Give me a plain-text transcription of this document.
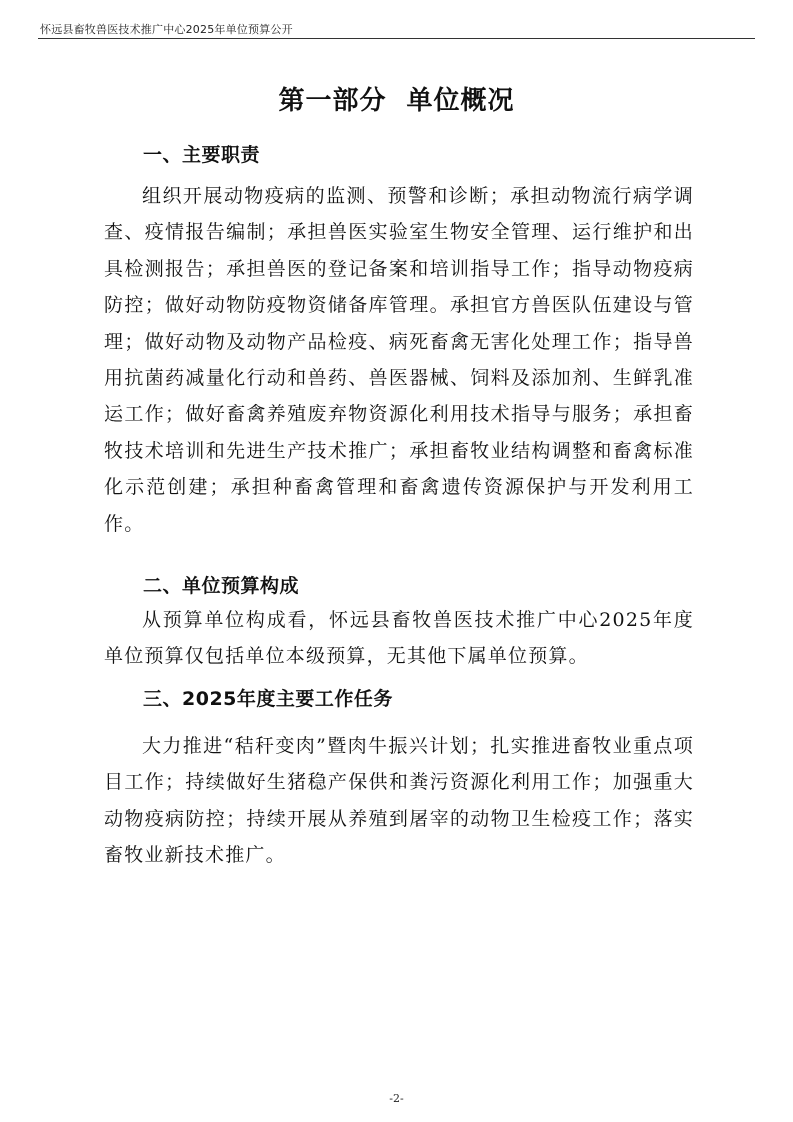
怀远县畜牧兽医技术推广中心2025年单位预算公开
第一部分  单位概况
一、主要职责

组织开展动物疫病的监测、预警和诊断；承担动物流行病学调查、疫情报告编制；承担兽医实验室生物安全管理、运行维护和出具检测报告；承担兽医的登记备案和培训指导工作；指导动物疫病防控；做好动物防疫物资储备库管理。承担官方兽医队伍建设与管理；做好动物及动物产品检疫、病死畜禽无害化处理工作；指导兽用抗菌药减量化行动和兽药、兽医器械、饲料及添加剂、生鲜乳准运工作；做好畜禽养殖废弃物资源化利用技术指导与服务；承担畜牧技术培训和先进生产技术推广；承担畜牧业结构调整和畜禽标准化示范创建；承担种畜禽管理和畜禽遗传资源保护与开发利用工作。

二、单位预算构成

从预算单位构成看，怀远县畜牧兽医技术推广中心2025年度单位预算仅包括单位本级预算，无其他下属单位预算。

三、2025年度主要工作任务

大力推进“秸秆变肉”暨肉牛振兴计划；扎实推进畜牧业重点项目工作；持续做好生猪稳产保供和粪污资源化利用工作；加强重大动物疫病防控；持续开展从养殖到屠宰的动物卫生检疫工作；落实畜牧业新技术推广。

-2-
